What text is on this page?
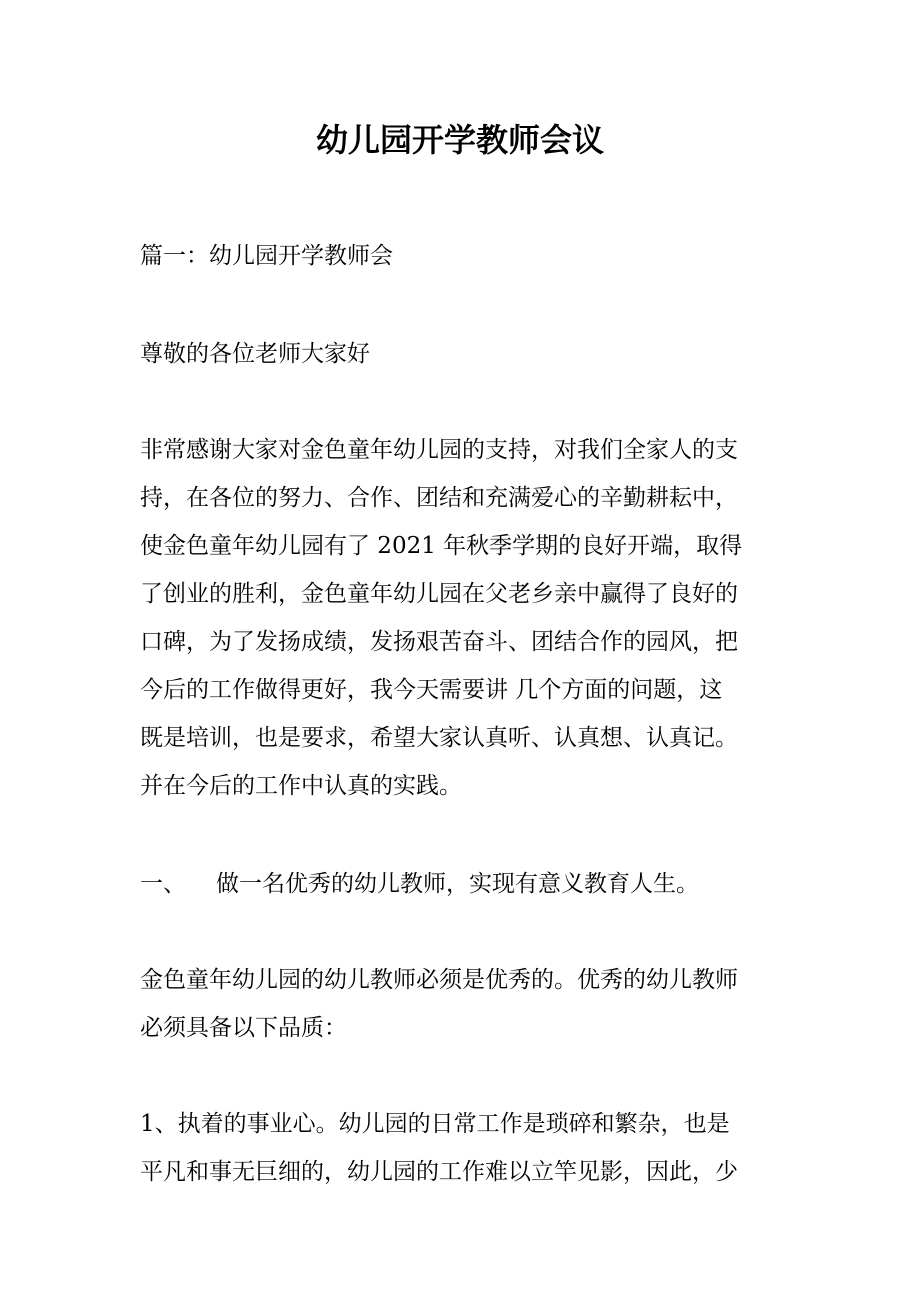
幼儿园开学教师会议

篇一：幼儿园开学教师会

尊敬的各位老师大家好

非常感谢大家对金色童年幼儿园的支持，对我们全家人的支
持，在各位的努力、合作、团结和充满爱心的辛勤耕耘中，
使金色童年幼儿园有了 2021 年秋季学期的良好开端，取得
了创业的胜利，金色童年幼儿园在父老乡亲中赢得了良好的
口碑，为了发扬成绩，发扬艰苦奋斗、团结合作的园风，把
今后的工作做得更好，我今天需要讲 几个方面的问题，这
既是培训，也是要求，希望大家认真听、认真想、认真记。
并在今后的工作中认真的实践。

一、 做一名优秀的幼儿教师，实现有意义教育人生。

金色童年幼儿园的幼儿教师必须是优秀的。优秀的幼儿教师
必须具备以下品质：
1、执着的事业心。幼儿园的日常工作是琐碎和繁杂，也是
平凡和事无巨细的，幼儿园的工作难以立竿见影，因此，少
